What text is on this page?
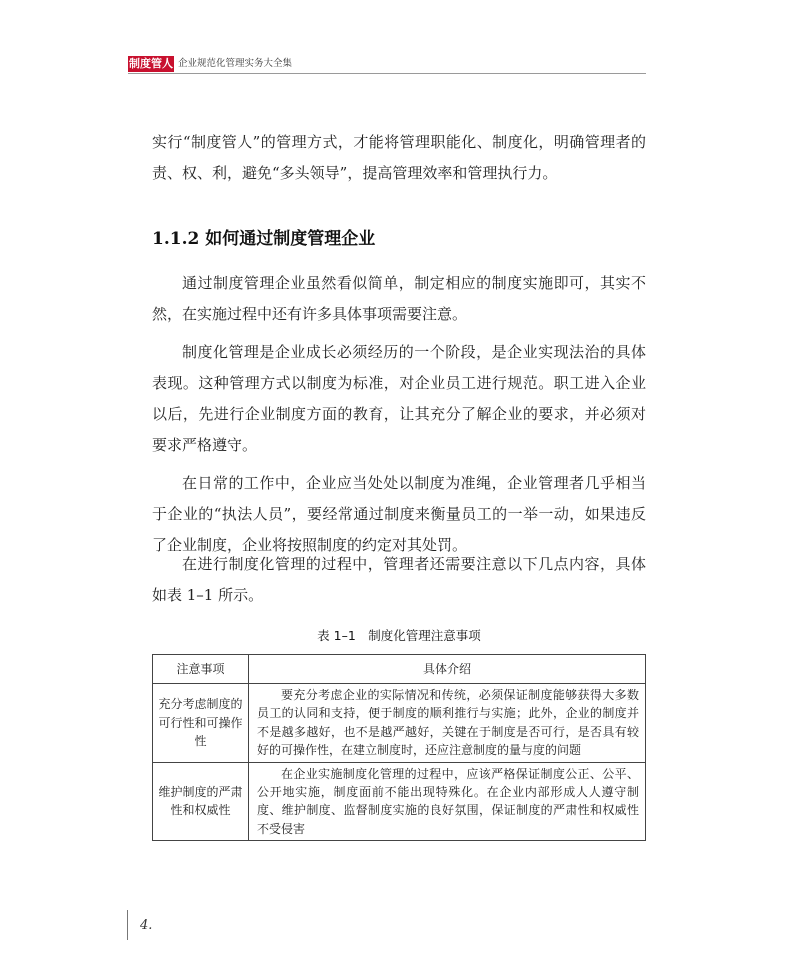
制度管人 企业规范化管理实务大全集

实行“制度管人”的管理方式，才能将管理职能化、制度化，明确管理者的责、权、利，避免“多头领导”，提高管理效率和管理执行力。

1.1.2 如何通过制度管理企业

通过制度管理企业虽然看似简单，制定相应的制度实施即可，其实不然，在实施过程中还有许多具体事项需要注意。

制度化管理是企业成长必须经历的一个阶段，是企业实现法治的具体表现。这种管理方式以制度为标准，对企业员工进行规范。职工进入企业以后，先进行企业制度方面的教育，让其充分了解企业的要求，并必须对要求严格遵守。

在日常的工作中，企业应当处处以制度为准绳，企业管理者几乎相当于企业的“执法人员”，要经常通过制度来衡量员工的一举一动，如果违反了企业制度，企业将按照制度的约定对其处罚。

在进行制度化管理的过程中，管理者还需要注意以下几点内容，具体如表 1–1 所示。

表 1–1　制度化管理注意事项
注意事项	具体介绍
充分考虑制度的可行性和可操作性	要充分考虑企业的实际情况和传统，必须保证制度能够获得大多数员工的认同和支持，便于制度的顺利推行与实施；此外，企业的制度并不是越多越好，也不是越严越好，关键在于制度是否可行，是否具有较好的可操作性，在建立制度时，还应注意制度的量与度的问题
维护制度的严肃性和权威性	在企业实施制度化管理的过程中，应该严格保证制度公正、公平、公开地实施，制度面前不能出现特殊化。在企业内部形成人人遵守制度、维护制度、监督制度实施的良好氛围，保证制度的严肃性和权威性不受侵害
4.
